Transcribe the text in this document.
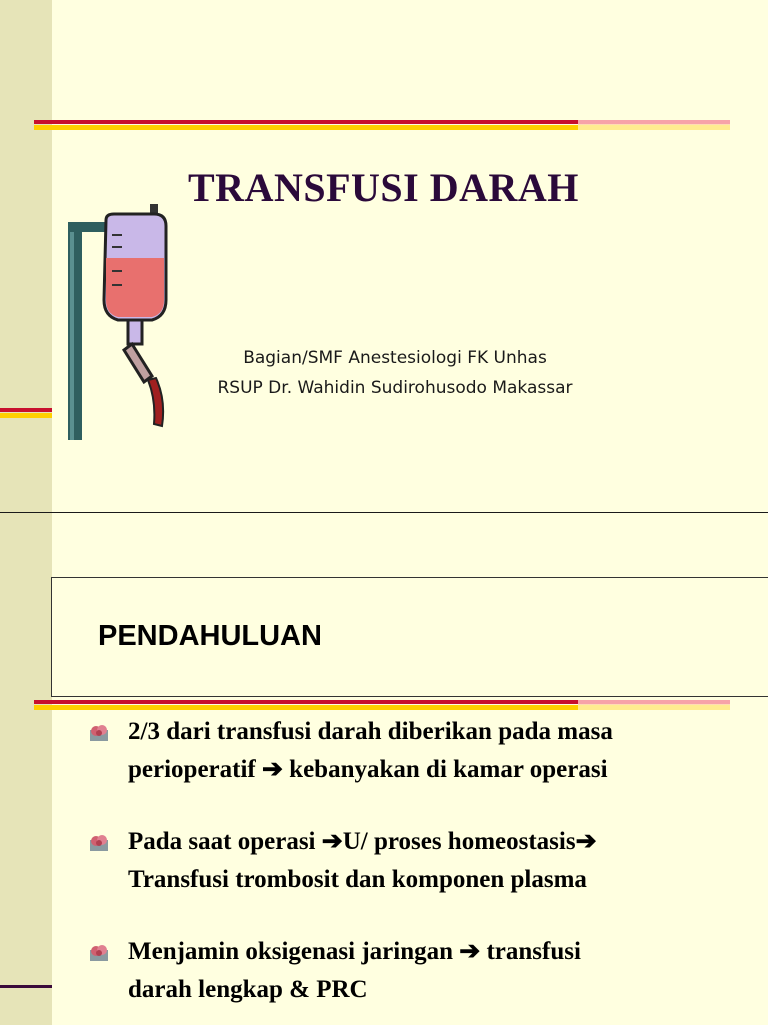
TRANSFUSI DARAH
Bagian/SMF Anestesiologi FK Unhas
RSUP Dr. Wahidin Sudirohusodo Makassar
PENDAHULUAN
2/3 dari transfusi darah diberikan pada masa
perioperatif ➔ kebanyakan di kamar operasi
Pada saat operasi ➔U/ proses homeostasis➔
Transfusi trombosit dan komponen plasma
Menjamin oksigenasi jaringan ➔ transfusi
darah lengkap & PRC
